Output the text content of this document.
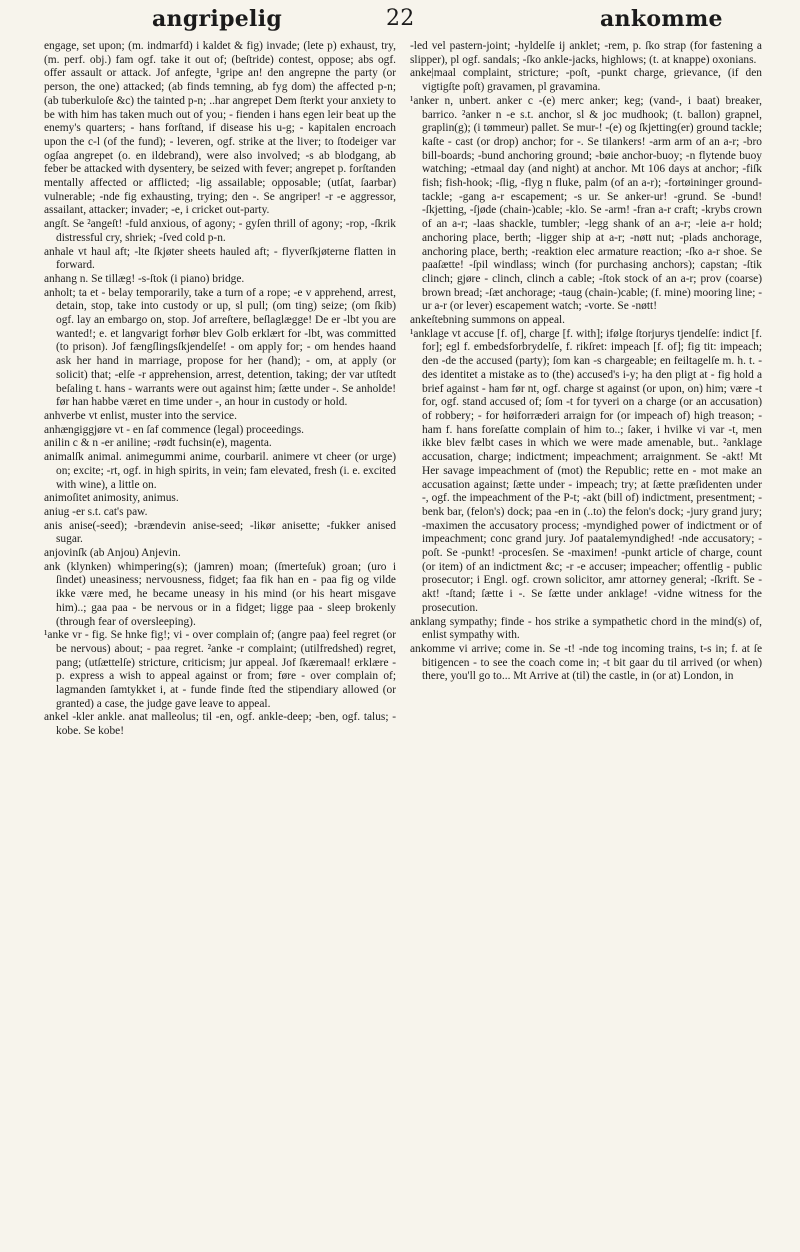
angripelig	22	ankomme

engage, set upon; (m. indmarfd) i kaldet & fig) invade; (lete p) exhaust, try, (m. perf. obj.) fam ogf. take it out of; (beſtride) contest, oppose; abs ogf. offer assault or attack. Jof anfegte, ¹gripe an! den angrepne the party (or person, the one) attacked; (ab finds temning, ab fyg dom) the affected p-n; (ab tuberkuloſe &c) the tainted p-n; ..har angrepet Dem ſterkt your anxiety to be with him has taken much out of you; - fienden i hans egen leir beat up the enemy's quarters; - hans forſtand, if disease his u-g; - kapitalen encroach upon the c-l (of the fund); - leveren, ogf. strike at the liver; to ſtodeiger var ogſaa angrepet (o. en ildebrand), were also involved; -s ab blodgang, ab feber be attacked with dysentery, be seized with fever; angrepet p. forſtanden mentally affected or afflicted; -lig assailable; opposable; (utſat, ſaarbar) vulnerable; -nde fig exhausting, trying; den -. Se angriper! -r -e aggressor, assailant, attacker; invader; -e, i cricket out-party.

angſt. Se ²angeſt! -fuld anxious, of agony; - gyſen thrill of agony; -rop, -ſkrik distressful cry, shriek; -ſved cold p-n.

anhale vt haul aft; -lte ſkjøter sheets hauled aft; - flyverſkjøterne flatten in forward.

anhang n. Se tillæg! -s-ſtok (i piano) bridge.

anholt; ta et - belay temporarily, take a turn of a rope; -e v apprehend, arrest, detain, stop, take into custody or up, sl pull; (om ting) seize; (om ſkib) ogf. lay an embargo on, stop. Jof arreſtere, beſlaglægge! De er -lbt you are wanted!; e. et langvarigt forhør blev Golb erklært for -lbt, was committed (to prison). Jof fængſlingsſkjendelſe! - om apply for; - om hendes haand ask her hand in marriage, propose for her (hand); - om, at apply (or solicit) that; -elſe -r apprehension, arrest, detention, taking; der var utſtedt beſaling t. hans - warrants were out against him; ſætte under -. Se anholde! før han habbe været en time under -, an hour in custody or hold.

anhverbe vt enlist, muster into the service.

anhængiggjøre vt - en ſaf commence (legal) proceedings.

anilin c & n -er aniline; -rødt fuchsin(e), magenta.

animalſk animal. animegummi anime, courbaril. animere vt cheer (or urge) on; excite; -rt, ogf. in high spirits, in vein; fam elevated, fresh (i. e. excited with wine), a little on.

animoſitet animosity, animus.

aniug -er s.t. cat's paw.

anis anise(-seed); -brændevin anise-seed; -likør anisette; -fukker anised sugar.

anjovinſk (ab Anjou) Anjevin.

ank (klynken) whimpering(s); (jamren) moan; (ſmerteſuk) groan; (uro i ſindet) uneasiness; nervousness, fidget; faa fik han en - paa fig og vilde ikke være med, he became uneasy in his mind (or his heart misgave him)..; gaa paa - be nervous or in a fidget; ligge paa - sleep brokenly (through fear of oversleeping).

¹anke vr - fig. Se hnke fig!; vi - over complain of; (angre paa) feel regret (or be nervous) about; - paa regret. ²anke -r complaint; (utilfredshed) regret, pang; (utſættelſe) stricture, criticism; jur appeal. Jof ſkæremaal! erklære - p. express a wish to appeal against or from; føre - over complain of; lagmanden ſamtykket i, at - funde finde ſted the stipendiary allowed (or granted) a case, the judge gave leave to appeal.

ankel -kler ankle. anat malleolus; til -en, ogf. ankle-deep; -ben, ogf. talus; -kobe. Se kobe!

-led vel pastern-joint; -hyldelſe ij anklet; -rem, p. ſko strap (for fastening a slipper), pl ogf. sandals; -ſko ankle-jacks, highlows; (t. at knappe) oxonians.

anke|maal complaint, stricture; -poſt, -punkt charge, grievance, (if den vigtigſte poſt) gravamen, pl gravamina.

¹anker n, unbert. anker c -(e) merc anker; keg; (vand-, i baat) breaker, barrico. ²anker n -e s.t. anchor, sl & joc mudhook; (t. ballon) grapnel, graplin(g); (i tømmeur) pallet. Se mur-! -(e) og ſkjetting(er) ground tackle; kaſte - cast (or drop) anchor; for -. Se tilankers! -arm arm of an a-r; -bro bill-boards; -bund anchoring ground; -bøie anchor-buoy; -n flytende buoy watching; -etmaal day (and night) at anchor. Mt 106 days at anchor; -fiſk fish; fish-hook; -ſlig, -flyg n fluke, palm (of an a-r); -fortøininger ground-tackle; -gang a-r escapement; -s ur. Se anker-ur! -grund. Se -bund! -ſkjetting, -ſjøde (chain-)cable; -klo. Se -arm! -fran a-r craft; -krybs crown of an a-r; -laas shackle, tumbler; -legg shank of an a-r; -leie a-r hold; anchoring place, berth; -ligger ship at a-r; -nøtt nut; -plads anchorage, anchoring place, berth; -reaktion elec armature reaction; -ſko a-r shoe. Se paaſætte! -ſpil windlass; winch (for purchasing anchors); capstan; -ſtik clinch; gjøre - clinch, clinch a cable; -ſtok stock of an a-r; prov (coarse) brown bread; -ſæt anchorage; -taug (chain-)cable; (f. mine) mooring line; -ur a-r (or lever) escapement watch; -vorte. Se -nøtt!

ankeſtebning summons on appeal.

¹anklage vt accuse [f. of], charge [f. with]; ifølge ſtorjurys tjendelſe: indict [f. for]; egl f. embedsforbrydelſe, f. rikſret: impeach [f. of]; fig tit: impeach; den -de the accused (party); ſom kan -s chargeable; en feiltagelſe m. h. t. -des identitet a mistake as to (the) accused's i-y; ha den pligt at - fig hold a brief against - ham før nt, ogf. charge st against (or upon, on) him; være -t for, ogf. stand accused of; ſom -t for tyveri on a charge (or an accusation) of robbery; - for høiforræderi arraign for (or impeach of) high treason; - ham f. hans foreſatte complain of him to..; ſaker, i hvilke vi var -t, men ikke blev fælbt cases in which we were made amenable, but.. ²anklage accusation, charge; indictment; impeachment; arraignment. Se -akt! Mt Her savage impeachment of (mot) the Republic; rette en - mot make an accusation against; ſætte under - impeach; try; at ſætte præſidenten under -, ogf. the impeachment of the P-t; -akt (bill of) indictment, presentment; -benk bar, (felon's) dock; paa -en in (..to) the felon's dock; -jury grand jury; -maximen the accusatory process; -myndighed power of indictment or of impeachment; conc grand jury. Jof paatalemyndighed! -nde accusatory; -poſt. Se -punkt! -procesſen. Se -maximen! -punkt article of charge, count (or item) of an indictment &c; -r -e accuser; impeacher; offentlig - public prosecutor; i Engl. ogf. crown solicitor, amr attorney general; -ſkrift. Se -akt! -ſtand; ſætte i -. Se ſætte under anklage! -vidne witness for the prosecution.

anklang sympathy; finde - hos strike a sympathetic chord in the mind(s) of, enlist sympathy with.

ankomme vi arrive; come in. Se -t! -nde tog incoming trains, t-s in; f. at ſe bitigencen - to see the coach come in; -t bit gaar du til arrived (or when) there, you'll go to... Mt Arrive at (til) the castle, in (or at) London, in
